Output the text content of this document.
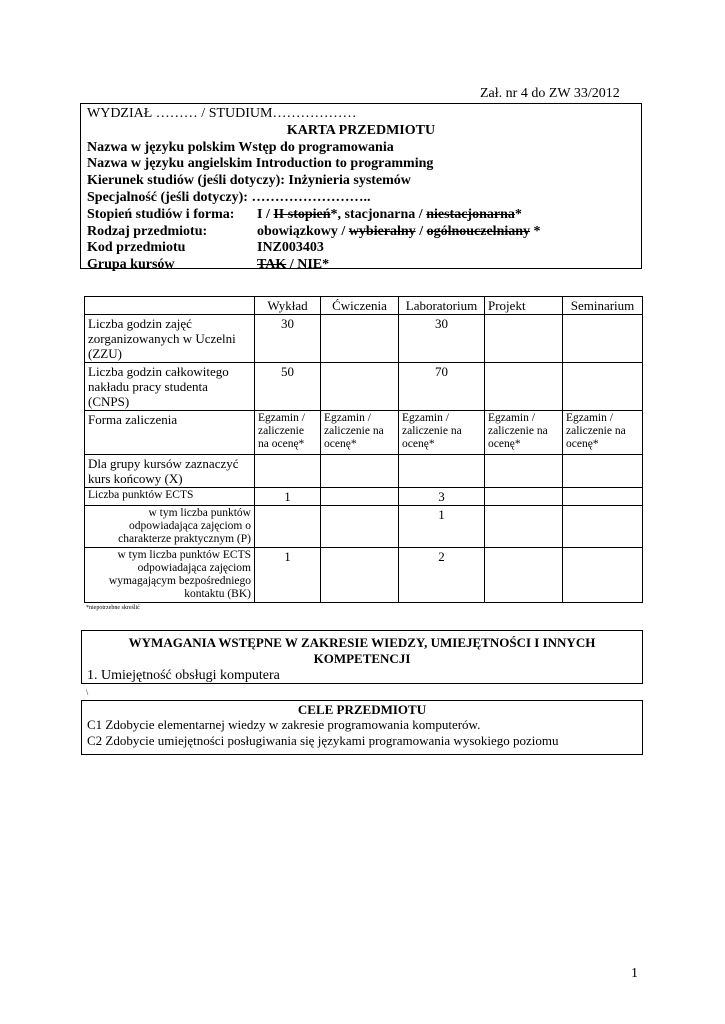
Zał. nr 4 do ZW 33/2012
WYDZIAŁ ……… / STUDIUM………………
KARTA PRZEDMIOTU
Nazwa w języku polskim Wstęp do programowania
Nazwa w języku angielskim Introduction to programming
Kierunek studiów (jeśli dotyczy): Inżynieria systemów
Specjalność (jeśli dotyczy): ……………………..
Stopień studiów i forma: I / II stopień*, stacjonarna / niestacjonarna*
Rodzaj przedmiotu:	obowiązkowy / wybieralny / ogólnouczelniany *
Kod przedmiotu	INZ003403
Grupa kursów	TAK / NIE*
	Wykład	Ćwiczenia	Laboratorium	Projekt	Seminarium
Liczba godzin zajęć zorganizowanych w Uczelni (ZZU)	30		30		
Liczba godzin całkowitego nakładu pracy studenta (CNPS)	50		70		
Forma zaliczenia	Egzamin / zaliczenie na ocenę*	Egzamin / zaliczenie na ocenę*	Egzamin / zaliczenie na ocenę*	Egzamin / zaliczenie na ocenę*	Egzamin / zaliczenie na ocenę*
Dla grupy kursów zaznaczyć kurs końcowy (X)					
Liczba punktów ECTS	1		3		
w tym liczba punktów odpowiadająca zajęciom o charakterze praktycznym (P)			1		
w tym liczba punktów ECTS odpowiadająca zajęciom wymagającym bezpośredniego kontaktu (BK)	1		2		
*niepotrzebne skreślić
WYMAGANIA WSTĘPNE W ZAKRESIE WIEDZY, UMIEJĘTNOŚCI I INNYCH KOMPETENCJI
1. Umiejętność obsługi komputera
\
CELE PRZEDMIOTU
C1 Zdobycie elementarnej wiedzy w zakresie programowania komputerów.
C2 Zdobycie umiejętności posługiwania się językami programowania wysokiego poziomu
1
